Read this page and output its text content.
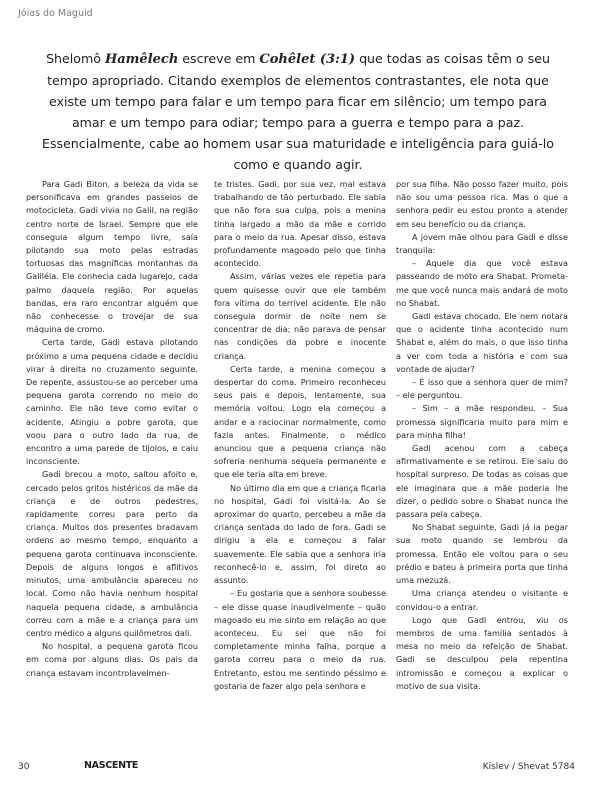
Jóias do Maguid

Shelomô Hamêlech escreve em Cohêlet (3:1) que todas as coisas têm o seu tempo apropriado. Citando exemplos de elementos contrastantes, ele nota que existe um tempo para falar e um tempo para ficar em silêncio; um tempo para amar e um tempo para odiar; tempo para a guerra e tempo para a paz. Essencialmente, cabe ao homem usar sua maturidade e inteligência para guiá-lo como e quando agir.

Para Gadi Biton, a beleza da vida se personificava em grandes passeios de motocicleta. Gadi vivia no Galil, na região centro norte de Israel. Sempre que ele conseguia algum tempo livre, saía pilotando sua moto pelas estradas tortuosas das magníficas montanhas da Galiléia. Ele conhecia cada lugarejo, cada palmo daquela região. Por aquelas bandas, era raro encontrar alguém que não conhecesse o trovejar de sua máquina de cromo.

Certa tarde, Gadi estava pilotando próximo a uma pequena cidade e decidiu virar à direita no cruzamento seguinte. De repente, assustou-se ao perceber uma pequena garota correndo no meio do caminho. Ele não teve como evitar o acidente. Atingiu a pobre garota, que voou para o outro lado da rua, de encontro a uma parede de tijolos, e caiu inconsciente.

Gadi brecou a moto, saltou afoito e, cercado pelos gritos histéricos da mãe da criança e de outros pedestres, rapidamente correu para perto da criança. Muitos dos presentes bradavam ordens ao mesmo tempo, enquanto a pequena garota continuava inconsciente. Depois de alguns longos e aflitivos minutos, uma ambulância apareceu no local. Como não havia nenhum hospital naquela pequena cidade, a ambulância correu com a mãe e a criança para um centro médico a alguns quilômetros dali.

No hospital, a pequena garota ficou em coma por alguns dias. Os pais da criança estavam incontrolavelmen-

te tristes. Gadi, por sua vez, mal estava trabalhando de tão perturbado. Ele sabia que não fora sua culpa, pois a menina tinha largado a mão da mãe e corrido para o meio da rua. Apesar disso, estava profundamente magoado pelo que tinha acontecido.

Assim, várias vezes ele repetia para quem quisesse ouvir que ele também fora vítima do terrível acidente. Ele não conseguia dormir de noite nem se concentrar de dia; não parava de pensar nas condições da pobre e inocente criança.

Certa tarde, a menina começou a despertar do coma. Primeiro reconheceu seus pais e depois, lentamente, sua memória voltou. Logo ela começou a andar e a raciocinar normalmente, como fazia antes. Finalmente, o médico anunciou que a pequena criança não sofreria nenhuma sequela permanente e que ele teria alta em breve.

No último dia em que a criança ficaria no hospital, Gadi foi visitá-la. Ao se aproximar do quarto, percebeu a mãe da criança sentada do lado de fora. Gadi se dirigiu a ela e começou a falar suavemente. Ele sabia que a senhora iria reconhecê-lo e, assim, foi direto ao assunto.

– Eu gostaria que a senhora soubesse – ele disse quase inaudivelmente – quão magoado eu me sinto em relação ao que aconteceu. Eu sei que não foi completamente minha falha, porque a garota correu para o meio da rua. Entretanto, estou me sentindo péssimo e gostaria de fazer algo pela senhora e

por sua filha. Não posso fazer muito, pois não sou uma pessoa rica. Mas o que a senhora pedir eu estou pronto a atender em seu benefício ou da criança.

A jovem mãe olhou para Gadi e disse tranquila:

– Aquele dia que você estava passeando de moto era Shabat. Prometa-me que você nunca mais andará de moto no Shabat.

Gadi estava chocado. Ele nem notara que o acidente tinha acontecido num Shabat e, além do mais, o que isso tinha a ver com toda a história e com sua vontade de ajudar?

– É isso que a senhora quer de mim? – ele perguntou.

– Sim – a mãe respondeu. – Sua promessa significaria muito para mim e para minha filha!

Gadi acenou com a cabeça afirmativamente e se retirou. Ele saiu do hospital surpreso. De todas as coisas que ele imaginara que a mãe poderia lhe dizer, o pedido sobre o Shabat nunca lhe passara pela cabeça.

No Shabat seguinte, Gadi já ia pegar sua moto quando se lembrou da promessa. Então ele voltou para o seu prédio e bateu à primeira porta que tinha uma mezuzá.

Uma criança atendeu o visitante e convidou-o a entrar.

Logo que Gadi entrou, viu os membros de uma família sentados à mesa no meio da refeição de Shabat. Gadi se desculpou pela repentina intromissão e começou a explicar o motivo de sua visita.

30	NASCENTE	Kislev / Shevat 5784
